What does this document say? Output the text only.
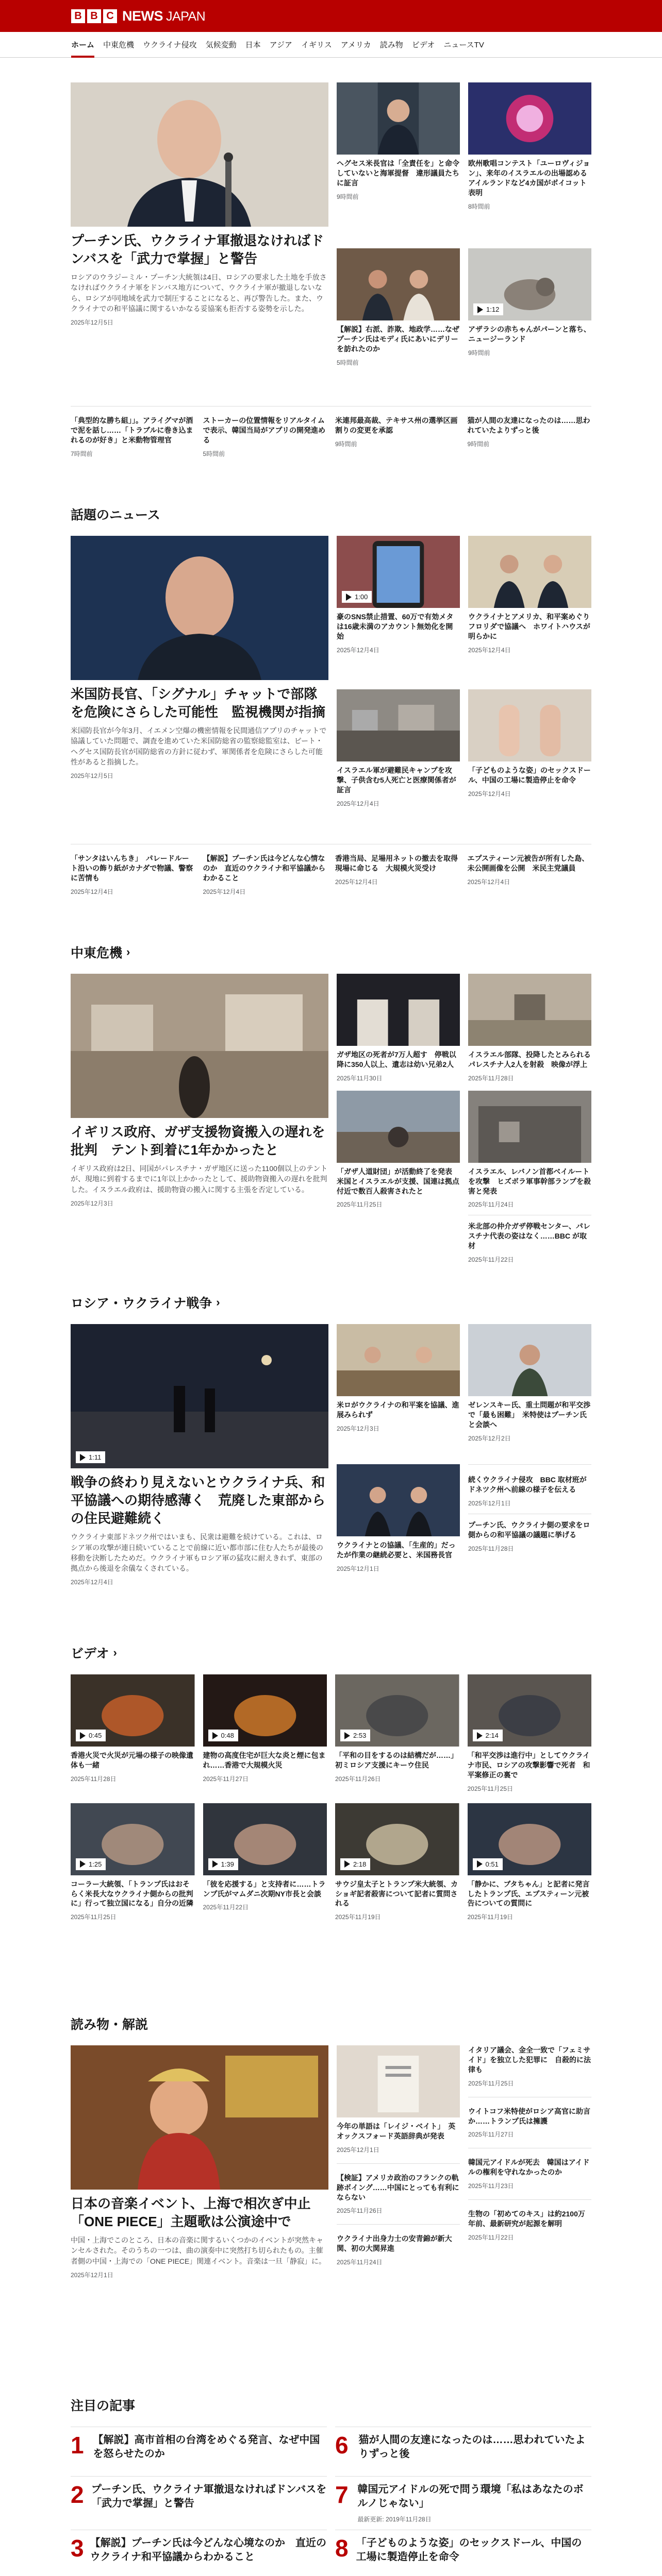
B B C NEWS JAPAN
ホーム 中東危機 ウクライナ侵攻 気候変動 日本 アジア イギリス アメリカ 読み物 ビデオ ニュースTV
プーチン氏、ウクライナ軍撤退なければドンバスを「武力で掌握」と警告

ロシアのウラジーミル・プーチン大統領は4日、ロシアの要求した土地を手放さなければウクライナ軍をドンバス地方について、ウクライナ軍が撤退しないなら、ロシアが同地域を武力で制圧することになると、再び警告した。また、ウクライナでの和平協議に関するいかなる妥協案も拒否する姿勢を示した。

2025年12月5日

ヘグセス米長官は「全責任を」と命令していないと海軍提督　違形議員たちに証言

9時間前

欧州歌唱コンテスト「ユーロヴィジョン」、来年のイスラエルの出場認める　アイルランドなど4カ国がボイコット表明

8時間前

【解説】右派、詐欺、地政学……なぜプーチン氏はモディ氏にあいにデリーを訪れたのか

5時間前

1:12
アザラシの赤ちゃんがパーンと落ち、ニュージーランド

9時間前

「典型的な勝ち組」」。アライグマが酒で泥を話し……「トラブルに巻き込まれるのが好き」と米動物管理官

7時間前

ストーカーの位置情報をリアルタイムで表示、韓国当局がアプリの開発進める

5時間前

米連邦最高裁、テキサス州の選挙区画割りの変更を承認

9時間前

猫が人間の友達になったのは……思われていたよりずっと後

9時間前

話題のニュース
米国防長官、「シグナル」チャットで部隊を危険にさらした可能性　監視機関が指摘

米国防長官が今年3月、イエメン空爆の機密情報を民間通信アプリのチャットで協議していた問題で、調査を進めていた米国防総省の監察総監室は、ピート・ヘグセス国防長官が国防総省の方針に従わず、軍関係者を危険にさらした可能性があると指摘した。

2025年12月5日

1:00
豪のSNS禁止措置、60万で有効メタは16歳未満のアカウント無効化を開始

2025年12月4日

ウクライナとアメリカ、和平案めぐりフロリダで協議へ　ホワイトハウスが明らかに

2025年12月4日

イスラエル軍が避難民キャンプを攻撃、子供含む5人死亡と医療関係者が証言

2025年12月4日

「子どものような姿」のセックスドール、中国の工場に製造停止を命令

2025年12月4日

「サンタはいんちき」　パレードルート沿いの飾り紙がカナダで物議、警察に苦情も

2025年12月4日

【解説】プーチン氏は今どんな心情なのか　直近のウクライナ和平協議からわかること

2025年12月4日

香港当局、足場用ネットの撤去を取得現場に命じる　大規模火災受け

2025年12月4日

エプスティーン元被告が所有した島、未公開画像を公開　米民主党議員

2025年12月4日

中東危機 ›
イギリス政府、ガザ支援物資搬入の遅れを批判　テント到着に1年かかったと

イギリス政府は2日、同国がパレスチナ・ガザ地区に送った1100個以上のテントが、現地に到着するまでに1年以上かかったとして、援助物資搬入の遅れを批判した。イスラエル政府は、援助物資の搬入に関する主張を否定している。

2025年12月3日

ガザ地区の死者が7万人超す　停戦以降に350人以上、遺志は幼い兄弟2人

2025年11月30日

イスラエル部隊、投降したとみられるパレスチナ人2人を射殺　映像が浮上

2025年11月28日

「ガザ人道財団」が活動終了を発表　米国とイスラエルが支援、国連は拠点付近で数百人殺害されたと

2025年11月25日

イスラエル、レバノン首都ベイルートを攻撃　ヒズボラ軍事幹部ランプを殺害と発表

2025年11月24日

米北部の仲介ガザ停戦センター、パレスチナ代表の姿はなく……BBC が取材

2025年11月22日

ロシア・ウクライナ戦争 ›
1:11
戦争の終わり見えないとウクライナ兵、和平協議への期待感薄く　荒廃した東部からの住民避難続く

ウクライナ東部ドネツク州ではいまも、民衆は避難を続けている。これは、ロシア軍の攻撃が連日続いていることで前線に近い都市部に住む人たちが最後の移動を決断したためだ。ウクライナ軍もロシア軍の猛攻に耐えきれず、東部の拠点から後退を余儀なくされている。

2025年12月4日

米ロがウクライナの和平案を協議、進展みられず

2025年12月3日

ゼレンスキー氏、重土問題が和平交渉で「最も困難」　米特使はプーチン氏と会談へ

2025年12月2日

ウクライナとの協議、「生産的」だったが作業の継続必要と、米国務長官

2025年12月1日

続くウクライナ侵攻　BBC 取材班がドネツク州へ前線の様子を伝える

2025年12月1日

プーチン氏、ウクライナ側の要求をロ側からの和平協議の議題に挙げる

2025年11月28日

ビデオ ›
0:45
香港火災で火災が元場の様子の映像遺体も一緒

2025年11月28日

0:48
建物の高度住宅が巨大な炎と煙に包まれ……香港で大規模火災

2025年11月27日

2:53
「平和の目をするのは結構だが……」初ミロシア支援にキーウ住民

2025年11月26日

2:14
「和平交渉は進行中」としてウクライナ市民、ロシアの攻撃影響で死者　和平案修正の裏で

2025年11月25日

1:25
コーラー大統領、「トランプ氏はおそらく米長大なウクライナ側からの批判に」行って独立国になる」自分の近隣

2025年11月25日

1:39
「彼を応援する」と支持者に……トランプ氏がマムダニ次期NY市長と会談

2025年11月22日

2:18
サウジ皇太子とトランプ米大統領、カショギ記者殺害について記者に質問される

2025年11月19日

0:51
「静かに、ブタちゃん」と記者に発言したトランプ氏、エプスティーン元被告についての質問に

2025年11月19日

読み物・解説
日本の音楽イベント、上海で相次ぎ中止　「ONE PIECE」主題歌は公演途中で

中国・上海でこのところ、日本の音楽に関するいくつかのイベントが突然キャンセルされた。そのうちの一つは、曲の演奏中に突然打ち切られたもの。主催者側の中国・上海での「ONE PIECE」関連イベント。音楽は一旦「静寂」に。

2025年12月1日

今年の単語は「レイジ・ベイト」　英オックスフォード英語辞典が発表

2025年12月1日

【検証】アメリカ政治のフランクの軌跡ボイング……中国にとっても有利にならない

2025年11月26日

ウクライナ出身力士の安青錦が新大関、初の大関昇進

2025年11月24日

イタリア議会、金全一致で「フェミサイド」を独立した犯罪に　自殺的に法律も

2025年11月25日

ウイトコフ米特使がロシア高官に助言か……トランプ氏は擁護

2025年11月27日

韓国元アイドルが死去　韓国はアイドルの権利を守れなかったのか

2025年11月23日

生物の「初めてのキス」は約2100万年前、最新研究が起源を解明

2025年11月22日

注目の記事
1 【解説】高市首相の台湾をめぐる発言、なぜ中国を怒らせたのか	6 猫が人間の友達になったのは……思われていたよりずっと後
2 プーチン氏、ウクライナ軍撤退なければドンバスを「武力で掌握」と警告	7 韓国元アイドルの死で問う環境「私はあなたのボルノじゃない」

最新更新: 2019年11月28日

3 【解説】プーチン氏は今どんな心境なのか　直近のウクライナ和平協議からわかること	8 「子どものような姿」のセックスドール、中国の工場に製造停止を命令
